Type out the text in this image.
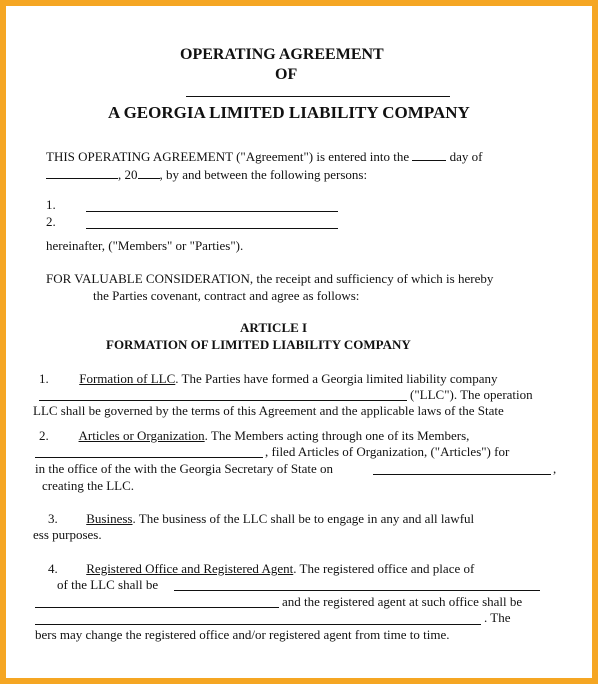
OPERATING AGREEMENT
OF
A GEORGIA LIMITED LIABILITY COMPANY
THIS OPERATING AGREEMENT ("Agreement") is entered into the	day of
, 20 , by and between the following persons:
1.
2.
hereinafter, ("Members" or "Parties").
FOR VALUABLE CONSIDERATION, the receipt and sufficiency of which is hereby
the Parties covenant, contract and agree as follows:
ARTICLE I
FORMATION OF LIMITED LIABILITY COMPANY
1. Formation of LLC. The Parties have formed a Georgia limited liability company
("LLC"). The operation
LLC shall be governed by the terms of this Agreement and the applicable laws of the State
2. Articles or Organization. The Members acting through one of its Members,
, filed Articles of Organization, ("Articles") for
in the office of the with the Georgia Secretary of State on	,
creating the LLC.
3. Business. The business of the LLC shall be to engage in any and all lawful
ess purposes.
4. Registered Office and Registered Agent. The registered office and place of
of the LLC shall be
and the registered agent at such office shall be
. The
bers may change the registered office and/or registered agent from time to time.
